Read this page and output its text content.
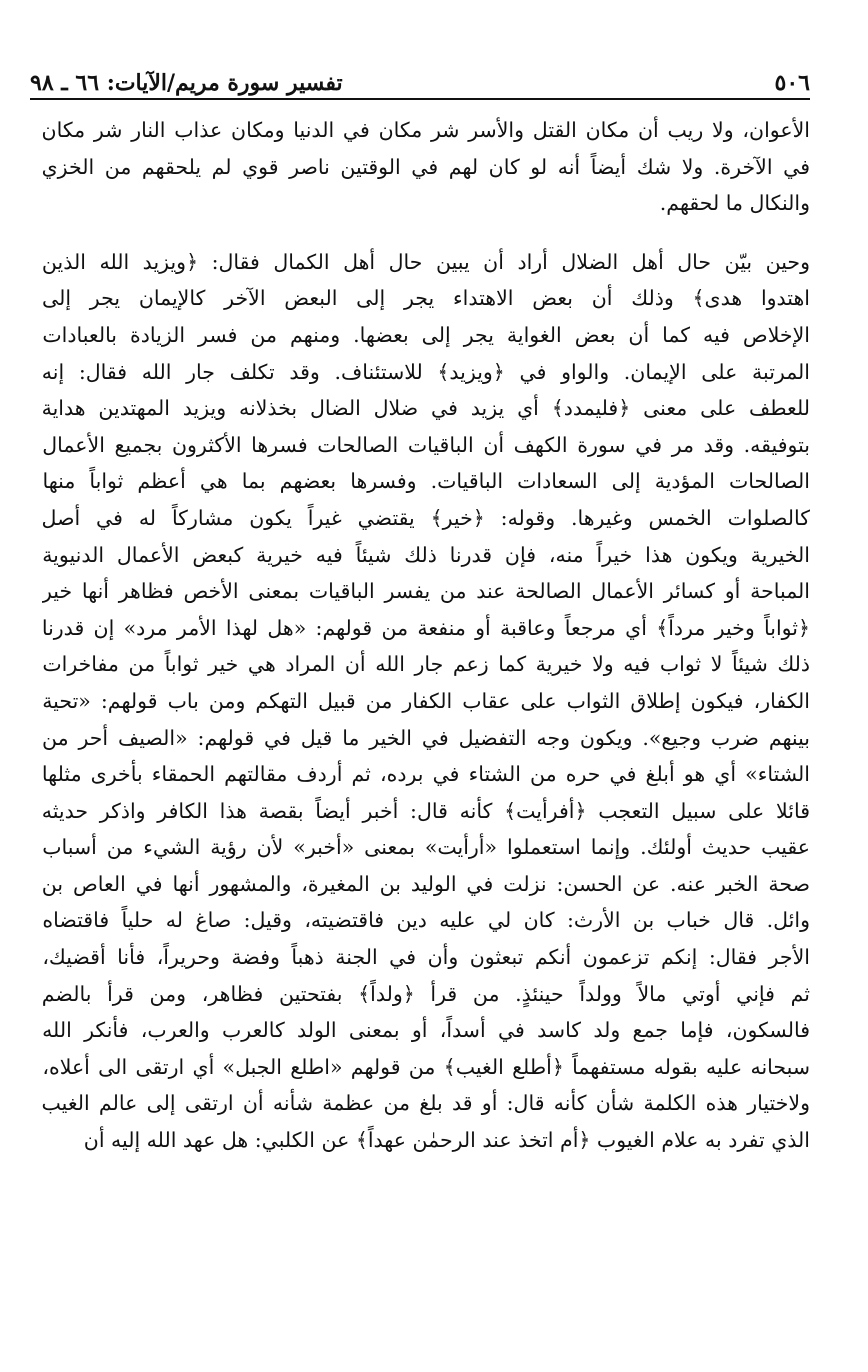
٥٠٦
تفسير سورة مريم/الآيات: ٦٦ ـ ٩٨

الأعوان، ولا ريب أن مكان القتل والأسر شر مكان في الدنيا ومكان عذاب النار شر مكان
في الآخرة. ولا شك أيضاً أنه لو كان لهم في الوقتين ناصر قوي لم يلحقهم من الخزي
والنكال ما لحقهم.

وحين بيّن حال أهل الضلال أراد أن يبين حال أهل الكمال فقال: ﴿ويزيد الله الذين
اهتدوا هدى﴾ وذلك أن بعض الاهتداء يجر إلى البعض الآخر كالإيمان يجر إلى
الإخلاص فيه كما أن بعض الغواية يجر إلى بعضها. ومنهم من فسر الزيادة بالعبادات
المرتبة على الإيمان. والواو في ﴿ويزيد﴾ للاستئناف. وقد تكلف جار الله فقال: إنه
للعطف على معنى ﴿فليمدد﴾ أي يزيد في ضلال الضال بخذلانه ويزيد المهتدين هداية
بتوفيقه. وقد مر في سورة الكهف أن الباقيات الصالحات فسرها الأكثرون بجميع الأعمال
الصالحات المؤدية إلى السعادات الباقيات. وفسرها بعضهم بما هي أعظم ثواباً منها
كالصلوات الخمس وغيرها. وقوله: ﴿خير﴾ يقتضي غيراً يكون مشاركاً له في أصل
الخيرية ويكون هذا خيراً منه، فإن قدرنا ذلك شيئاً فيه خيرية كبعض الأعمال الدنيوية
المباحة أو كسائر الأعمال الصالحة عند من يفسر الباقيات بمعنى الأخص فظاهر أنها خير
﴿ثواباً وخير مرداً﴾ أي مرجعاً وعاقبة أو منفعة من قولهم: «هل لهذا الأمر مرد» إن قدرنا
ذلك شيئاً لا ثواب فيه ولا خيرية كما زعم جار الله أن المراد هي خير ثواباً من مفاخرات
الكفار، فيكون إطلاق الثواب على عقاب الكفار من قبيل التهكم ومن باب قولهم: «تحية
بينهم ضرب وجيع». ويكون وجه التفضيل في الخير ما قيل في قولهم: «الصيف أحر من
الشتاء» أي هو أبلغ في حره من الشتاء في برده، ثم أردف مقالتهم الحمقاء بأخرى مثلها
قائلا على سبيل التعجب ﴿أفرأيت﴾ كأنه قال: أخبر أيضاً بقصة هذا الكافر واذكر حديثه
عقيب حديث أولئك. وإنما استعملوا «أرأيت» بمعنى «أخبر» لأن رؤية الشيء من أسباب
صحة الخبر عنه. عن الحسن: نزلت في الوليد بن المغيرة، والمشهور أنها في العاص بن
وائل. قال خباب بن الأرث: كان لي عليه دين فاقتضيته، وقيل: صاغ له حلياً فاقتضاه
الأجر فقال: إنكم تزعمون أنكم تبعثون وأن في الجنة ذهباً وفضة وحريراً، فأنا أقضيك،
ثم فإني أوتي مالاً وولداً حينئذٍ. من قرأ ﴿ولداً﴾ بفتحتين فظاهر، ومن قرأ بالضم
فالسكون، فإما جمع ولد كاسد في أسداً، أو بمعنى الولد كالعرب والعرب، فأنكر الله
سبحانه عليه بقوله مستفهماً ﴿أطلع الغيب﴾ من قولهم «اطلع الجبل» أي ارتقى الى أعلاه،
ولاختيار هذه الكلمة شأن كأنه قال: أو قد بلغ من عظمة شأنه أن ارتقى إلى عالم الغيب
الذي تفرد به علام الغيوب ﴿أم اتخذ عند الرحمٰن عهداً﴾ عن الكلبي: هل عهد الله إليه أن
